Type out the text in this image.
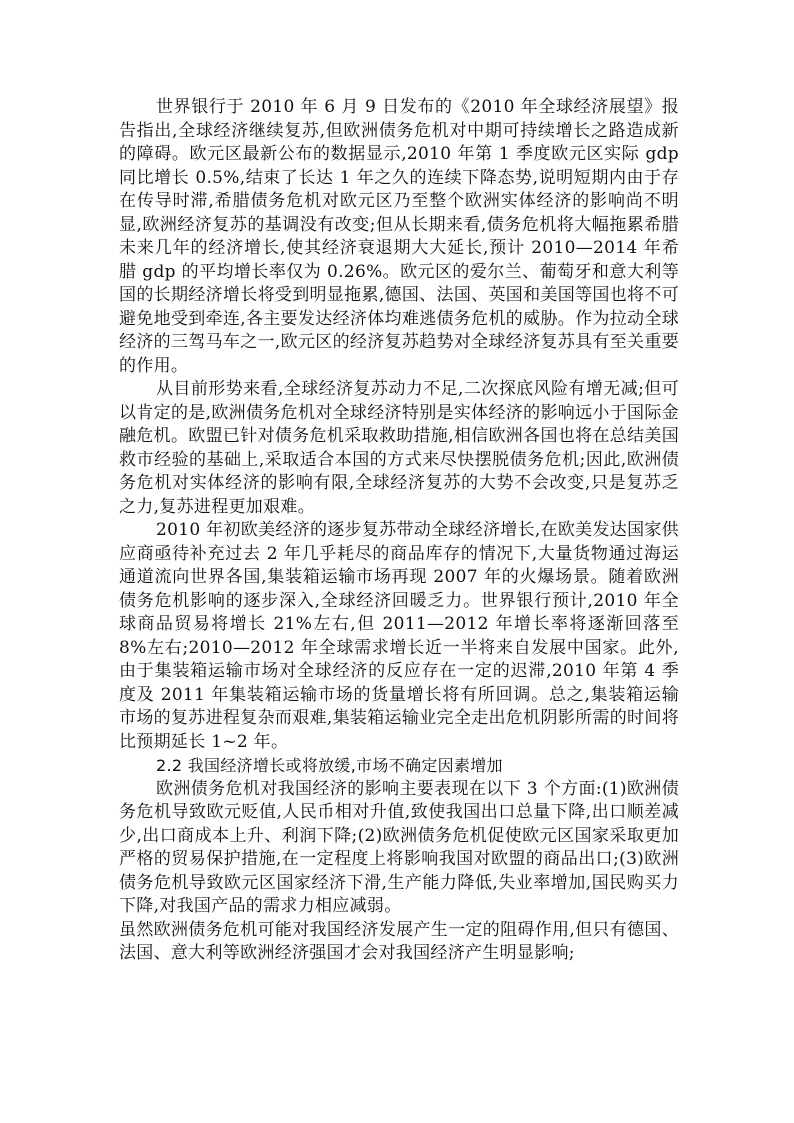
世界银行于 2010 年 6 月 9 日发布的《2010 年全球经济展望》报告指出,全球经济继续复苏,但欧洲债务危机对中期可持续增长之路造成新的障碍。欧元区最新公布的数据显示,2010 年第 1 季度欧元区实际 gdp 同比增长 0.5%,结束了长达 1 年之久的连续下降态势,说明短期内由于存在传导时滞,希腊债务危机对欧元区乃至整个欧洲实体经济的影响尚不明显,欧洲经济复苏的基调没有改变;但从长期来看,债务危机将大幅拖累希腊未来几年的经济增长,使其经济衰退期大大延长,预计 2010—2014 年希腊 gdp 的平均增长率仅为 0.26%。欧元区的爱尔兰、葡萄牙和意大利等国的长期经济增长将受到明显拖累,德国、法国、英国和美国等国也将不可避免地受到牵连,各主要发达经济体均难逃债务危机的威胁。作为拉动全球经济的三驾马车之一,欧元区的经济复苏趋势对全球经济复苏具有至关重要的作用。

从目前形势来看,全球经济复苏动力不足,二次探底风险有增无减;但可以肯定的是,欧洲债务危机对全球经济特别是实体经济的影响远小于国际金融危机。欧盟已针对债务危机采取救助措施,相信欧洲各国也将在总结美国救市经验的基础上,采取适合本国的方式来尽快摆脱债务危机;因此,欧洲债务危机对实体经济的影响有限,全球经济复苏的大势不会改变,只是复苏乏之力,复苏进程更加艰难。

2010 年初欧美经济的逐步复苏带动全球经济增长,在欧美发达国家供应商亟待补充过去 2 年几乎耗尽的商品库存的情况下,大量货物通过海运通道流向世界各国,集装箱运输市场再现 2007 年的火爆场景。随着欧洲债务危机影响的逐步深入,全球经济回暖乏力。世界银行预计,2010 年全球商品贸易将增长 21%左右,但 2011—2012 年增长率将逐渐回落至 8%左右;2010—2012 年全球需求增长近一半将来自发展中国家。此外,由于集装箱运输市场对全球经济的反应存在一定的迟滞,2010 年第 4 季度及 2011 年集装箱运输市场的货量增长将有所回调。总之,集装箱运输市场的复苏进程复杂而艰难,集装箱运输业完全走出危机阴影所需的时间将比预期延长 1~2 年。

2.2 我国经济增长或将放缓,市场不确定因素增加

欧洲债务危机对我国经济的影响主要表现在以下 3 个方面:(1)欧洲债务危机导致欧元贬值,人民币相对升值,致使我国出口总量下降,出口顺差减少,出口商成本上升、利润下降;(2)欧洲债务危机促使欧元区国家采取更加严格的贸易保护措施,在一定程度上将影响我国对欧盟的商品出口;(3)欧洲债务危机导致欧元区国家经济下滑,生产能力降低,失业率增加,国民购买力下降,对我国产品的需求力相应减弱。

虽然欧洲债务危机可能对我国经济发展产生一定的阻碍作用,但只有德国、法国、意大利等欧洲经济强国才会对我国经济产生明显影响;
